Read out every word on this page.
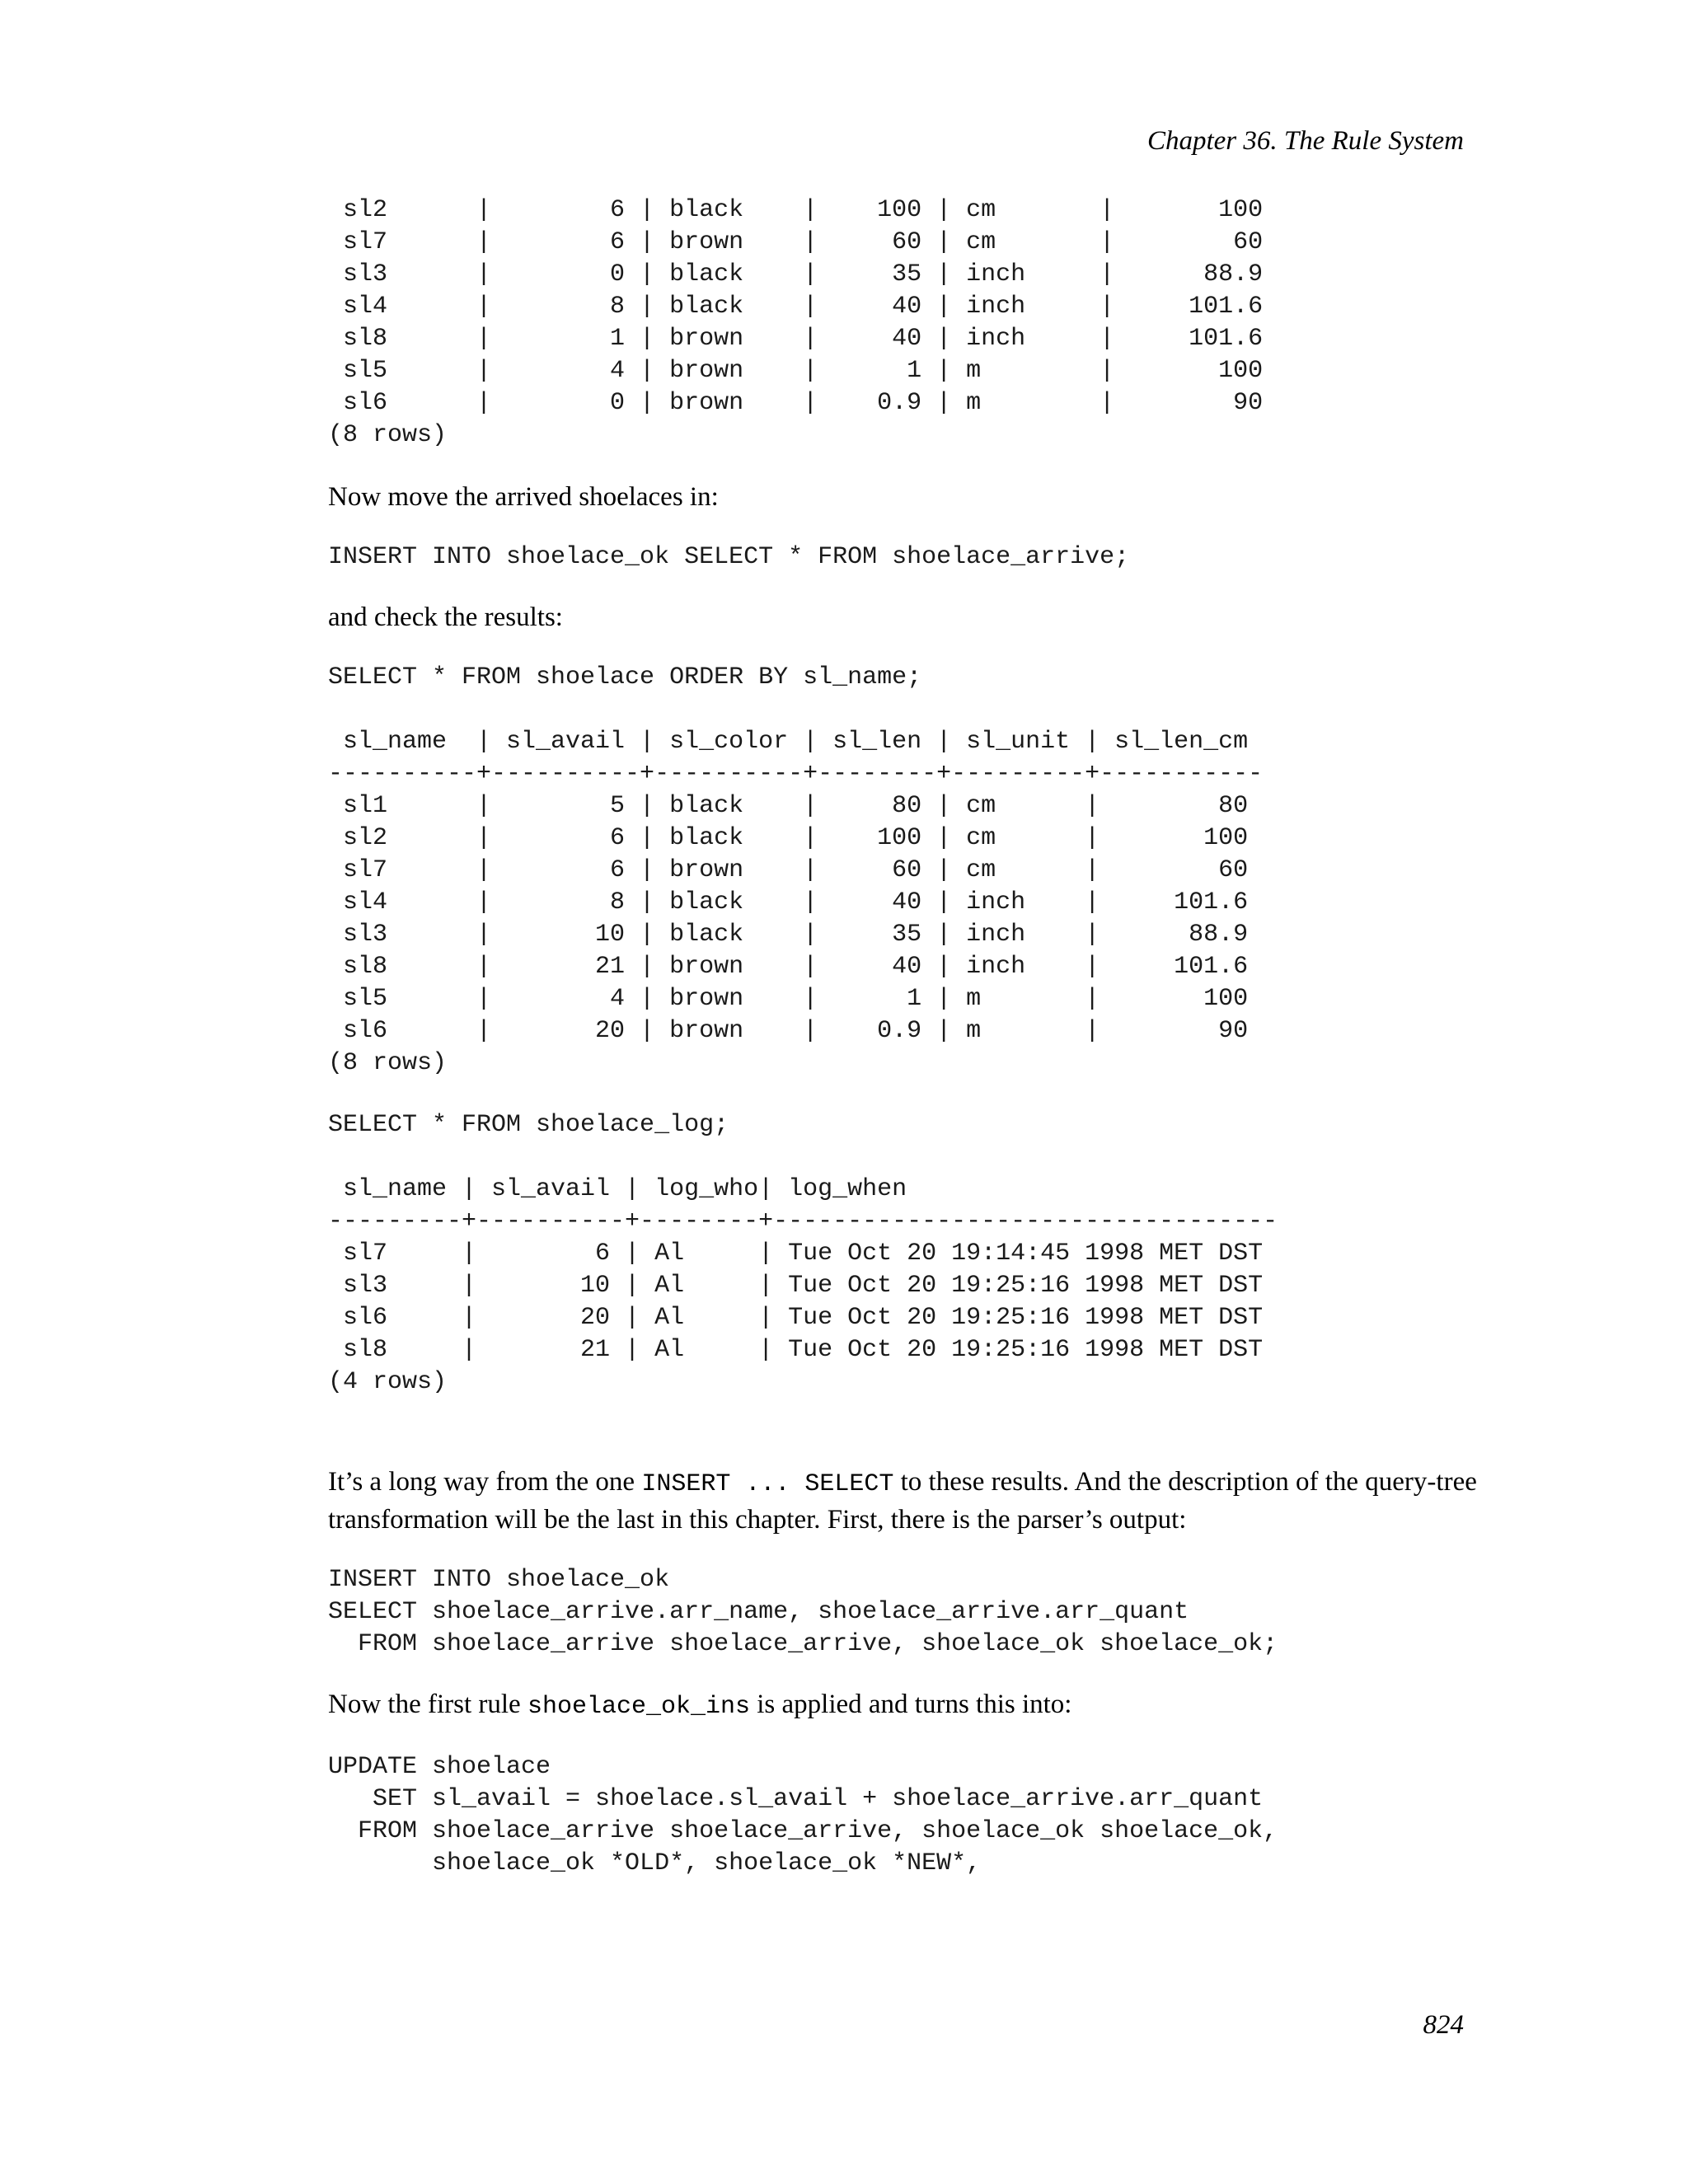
Chapter 36. The Rule System
sl2      |        6 | black    |    100 | cm       |       100
sl7      |        6 | brown    |     60 | cm       |        60
sl3      |        0 | black    |     35 | inch     |      88.9
sl4      |        8 | black    |     40 | inch     |     101.6
sl8      |        1 | brown    |     40 | inch     |     101.6
sl5      |        4 | brown    |      1 | m        |       100
sl6      |        0 | brown    |    0.9 | m        |        90
(8 rows)

Now move the arrived shoelaces in:

INSERT INTO shoelace_ok SELECT * FROM shoelace_arrive;

and check the results:

SELECT * FROM shoelace ORDER BY sl_name;

sl_name  | sl_avail | sl_color | sl_len | sl_unit | sl_len_cm
----------+----------+----------+--------+---------+-----------
sl1      |        5 | black    |     80 | cm      |        80
sl2      |        6 | black    |    100 | cm      |       100
sl7      |        6 | brown    |     60 | cm      |        60
sl4      |        8 | black    |     40 | inch    |     101.6
sl3      |       10 | black    |     35 | inch    |      88.9
sl8      |       21 | brown    |     40 | inch    |     101.6
sl5      |        4 | brown    |      1 | m       |       100
sl6      |       20 | brown    |    0.9 | m       |        90
(8 rows)
SELECT * FROM shoelace_log;

sl_name | sl_avail | log_who| log_when
---------+----------+--------+----------------------------------
sl7     |        6 | Al     | Tue Oct 20 19:14:45 1998 MET DST
sl3     |       10 | Al     | Tue Oct 20 19:25:16 1998 MET DST
sl6     |       20 | Al     | Tue Oct 20 19:25:16 1998 MET DST
sl8     |       21 | Al     | Tue Oct 20 19:25:16 1998 MET DST
(4 rows)

It’s a long way from the one INSERT ... SELECT to these results. And the description of the query-tree

transformation will be the last in this chapter. First, there is the parser’s output:

INSERT INTO shoelace_ok
SELECT shoelace_arrive.arr_name, shoelace_arrive.arr_quant
FROM shoelace_arrive shoelace_arrive, shoelace_ok shoelace_ok;

Now the first rule shoelace_ok_ins is applied and turns this into:

UPDATE shoelace
SET sl_avail = shoelace.sl_avail + shoelace_arrive.arr_quant
FROM shoelace_arrive shoelace_arrive, shoelace_ok shoelace_ok,
shoelace_ok *OLD*, shoelace_ok *NEW*,
824
